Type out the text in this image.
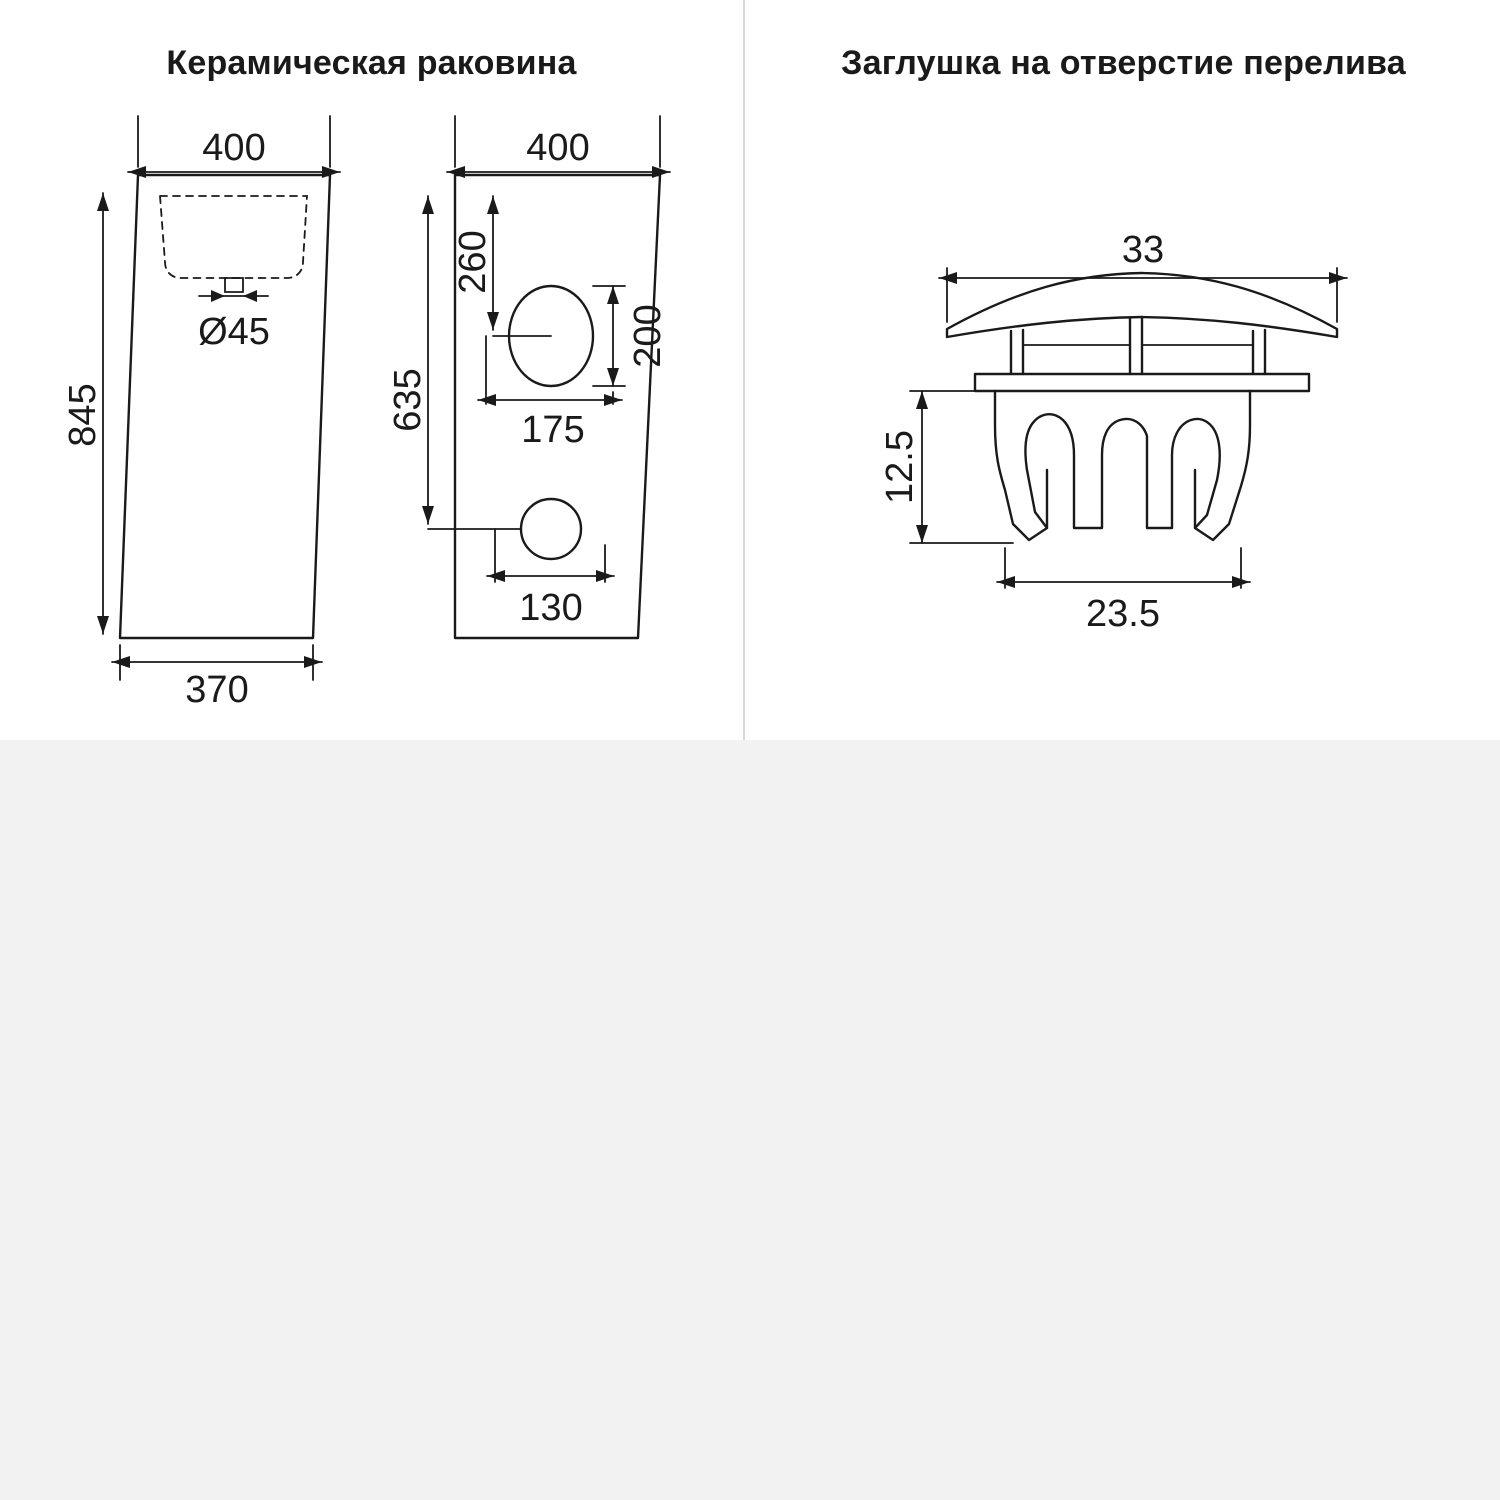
Керамическая раковина
400
Ø45
845
370
400
260
200
175
635
130
Заглушка на отверстие перелива
33
12.5
23.5
